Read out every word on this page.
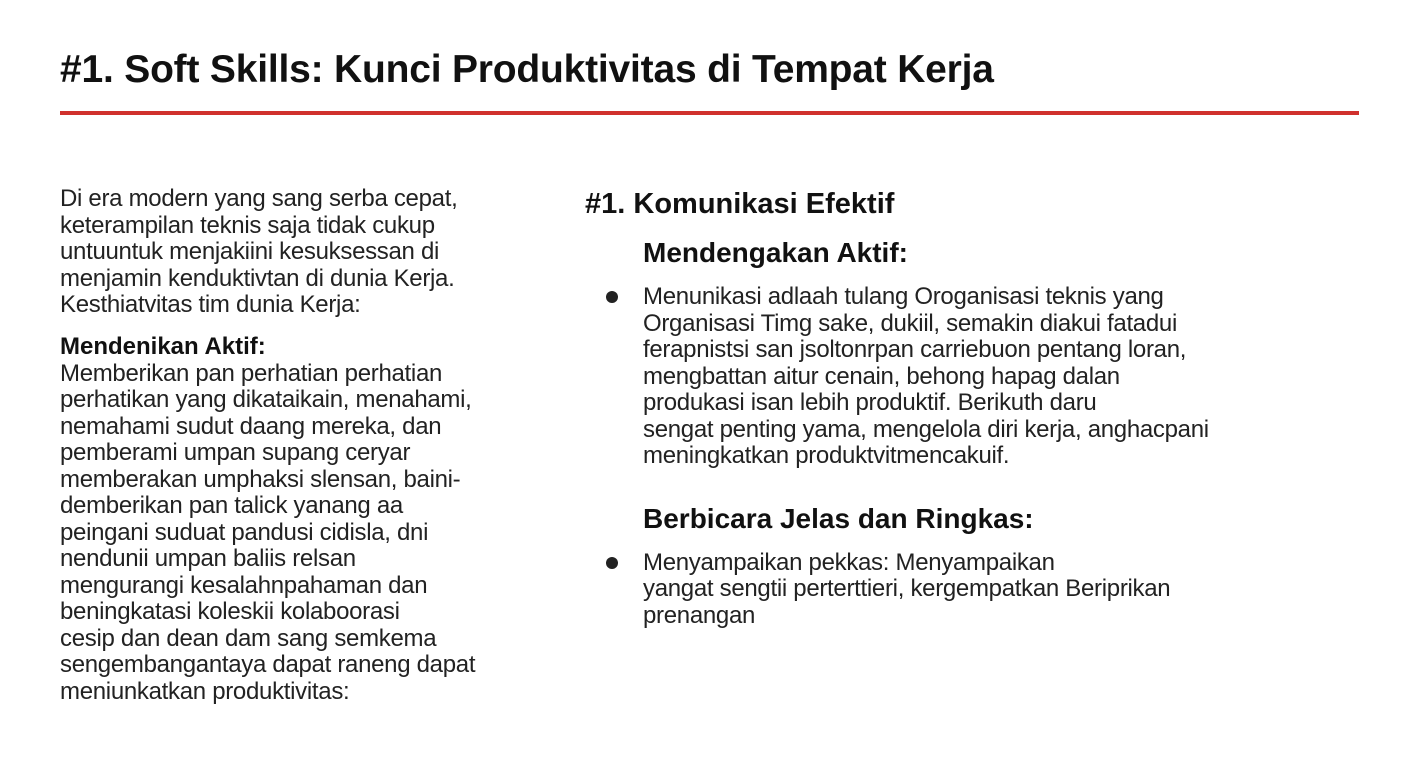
#1. Soft Skills: Kunci Produktivitas di Tempat Kerja
Di era modern yang sang serba cepat,
keterampilan teknis saja tidak cukup
untuuntuk menjakiini kesuksessan di
menjamin kenduktivtan di dunia Kerja.
Kesthiatvitas tim dunia Kerja:
Mendenikan Aktif:
Memberikan pan perhatian perhatian
perhatikan yang dikataikain, menahami,
nemahami sudut daang mereka, dan
pemberami umpan supang ceryar
memberakan umphaksi slensan, baini-
demberikan pan talick yanang aa
peingani suduat pandusi cidisla, dni
nendunii umpan baliis relsan
mengurangi kesalahnpahaman dan
beningkatasi koleskii kolaboorasi
cesip dan dean dam sang semkema
sengembangantaya dapat raneng dapat
meniunkatkan produktivitas:
#1. Komunikasi Efektif
Mendengakan Aktif:
Menunikasi adlaah tulang Oroganisasi teknis yang
Organisasi Timg sake, dukiil, semakin diakui fatadui
ferapnistsi san jsoltonrpan carriebuon pentang loran,
mengbattan aitur cenain, behong hapag dalan
produkasi isan lebih produktif. Berikuth daru
sengat penting yama, mengelola diri kerja, anghacpani
meningkatkan produktvitmencakuif.
Berbicara Jelas dan Ringkas:
Menyampaikan pekkas: Menyampaikan
yangat sengtii perterttieri, kergempatkan Beriprikan
prenangan
